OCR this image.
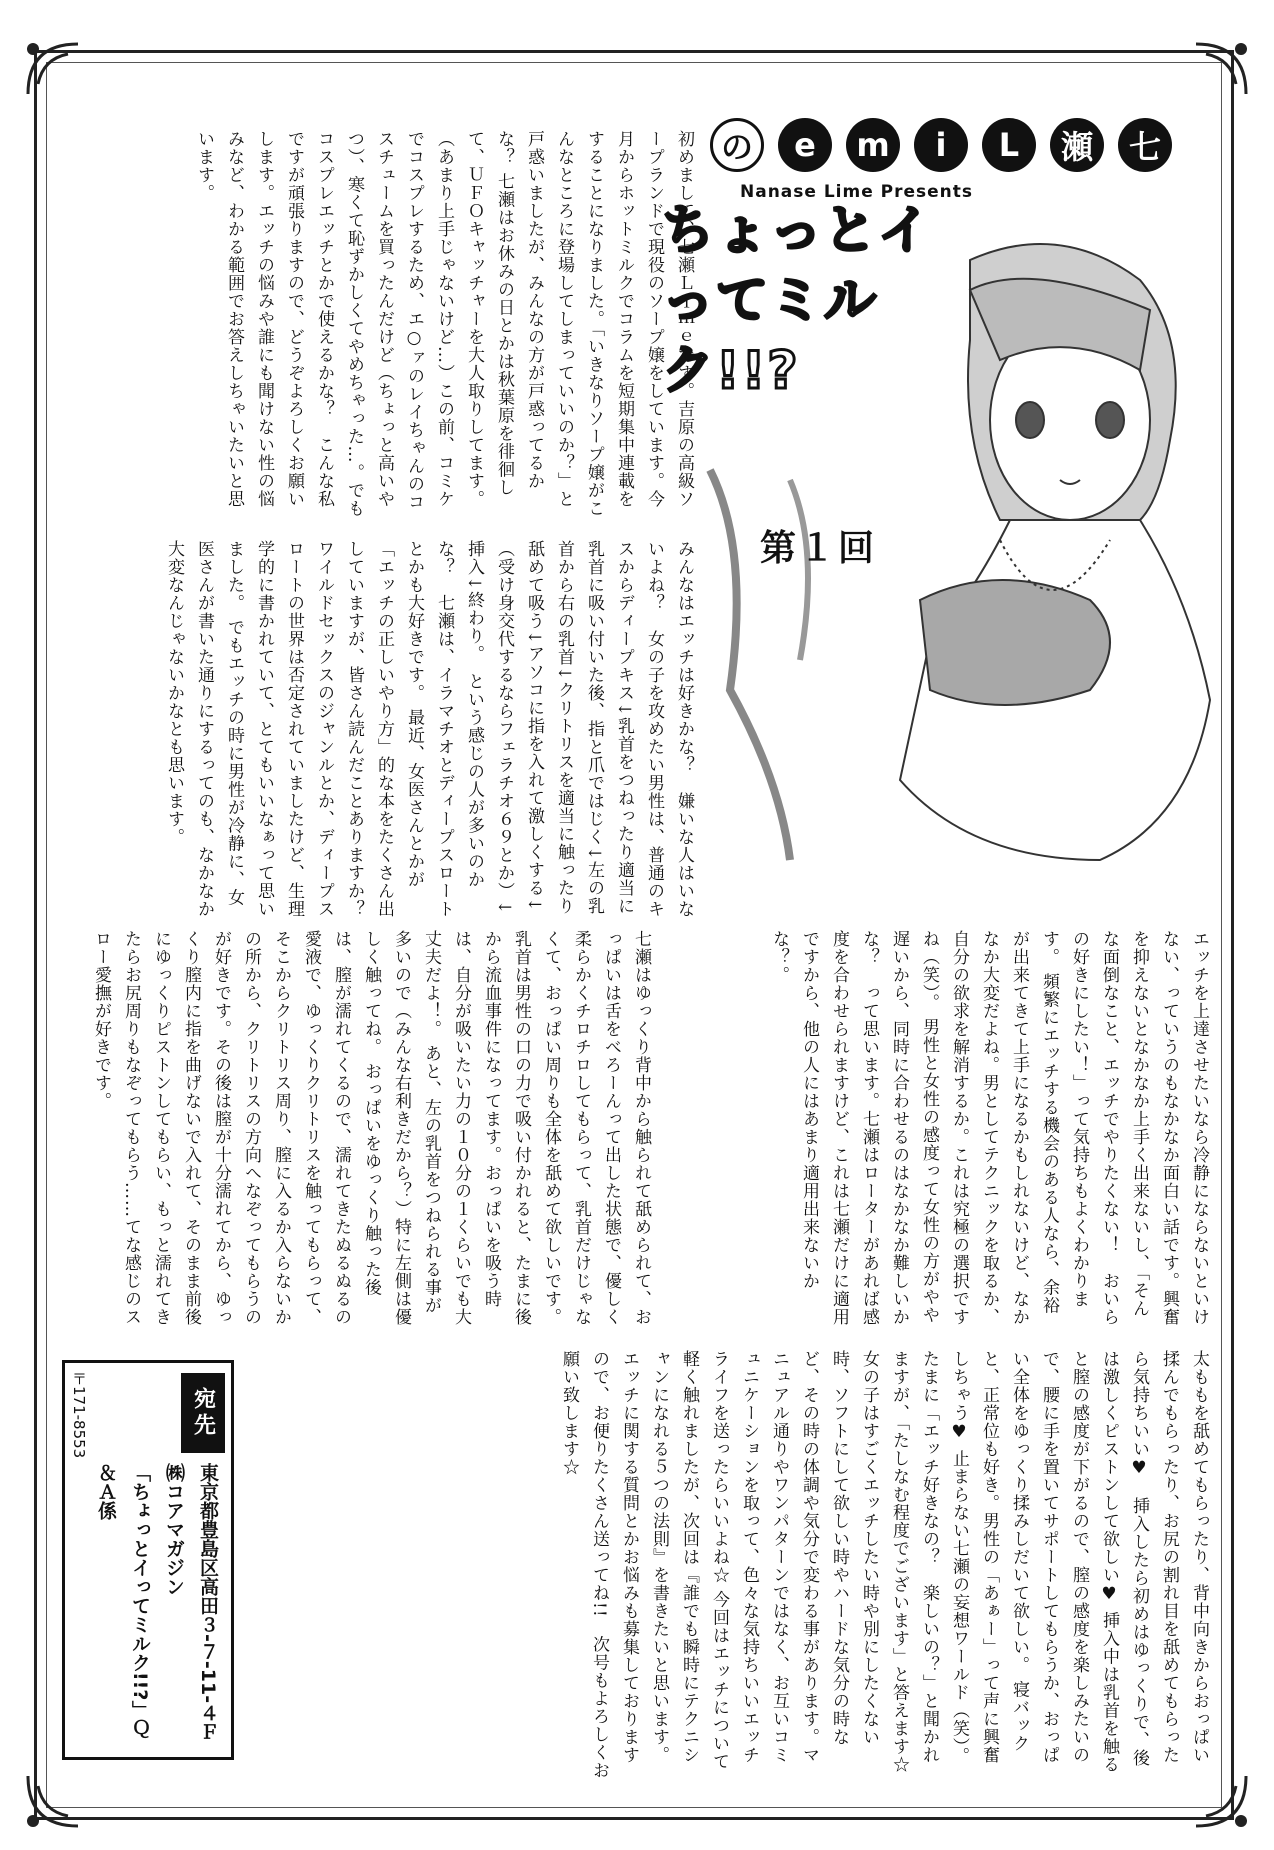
七
瀬
L
i
m
e
の
Nanase Lime Presents
ちょっとイってミルク!!?
第１回
初めまして、七瀬Ｌｉｍｅです。吉原の高級ソープランドで現役のソープ嬢をしています。今月からホットミルクでコラムを短期集中連載をすることになりました。「いきなりソープ嬢がこんなところに登場してしまっていいのか？」と戸惑いましたが、みんなの方が戸惑ってるかな？ 七瀬はお休みの日とかは秋葉原を徘徊して、ＵＦＯキャッチャーを大人取りしてます。（あまり上手じゃないけど…）この前、コミケでコスプレするため、エ○ァのレイちゃんのコスチュームを買ったんだけど（ちょっと高いやつ）、寒くて恥ずかしくてやめちゃった…。でもコスプレエッチとかで使えるかな？　こんな私ですが頑張りますので、どうぞよろしくお願いします。エッチの悩みや誰にも聞けない性の悩みなど、わかる範囲でお答えしちゃいたいと思います。
みんなはエッチは好きかな？　嫌いな人はいないよね？　女の子を攻めたい男性は、普通のキスからディープキス↓乳首をつねったり適当に乳首に吸い付いた後、指と爪ではじく↓左の乳首から右の乳首↓クリトリスを適当に触ったり舐めて吸う↓アソコに指を入れて激しくする↓（受け身交代するならフェラチオ６９とか）↓挿入↓終わり。　という感じの人が多いのかな？　七瀬は、イラマチオとディープスロートとかも大好きです。 最近、女医さんとかが「エッチの正しいやり方」的な本をたくさん出していますが、皆さん読んだことありますか？　ワイルドセックスのジャンルとか、ディープスロートの世界は否定されていましたけど、生理学的に書かれていて、とてもいいなぁって思いました。 でもエッチの時に男性が冷静に、女医さんが書いた通りにするってのも、なかなか大変なんじゃないかなとも思います。
エッチを上達させたいなら冷静にならないといけない、っていうのもなかなか面白い話です。興奮を抑えないとなかなか上手く出来ないし、「そんな面倒なこと、エッチでやりたくない！　おいらの好きにしたい！」って気持ちもよくわかります。 頻繁にエッチする機会のある人なら、余裕が出来てきて上手になるかもしれないけど、なかなか大変だよね。男としてテクニックを取るか、自分の欲求を解消するか。これは究極の選択ですね（笑）。 男性と女性の感度って女性の方がやや遅いから、同時に合わせるのはなかなか難しいかな？　って思います。七瀬はローターがあれば感度を合わせられますけど、これは七瀬だけに適用ですから、他の人にはあまり適用出来ないかな？。
七瀬はゆっくり背中から触られて舐められて、おっぱいは舌をべろーんって出した状態で、優しく柔らかくチロチロしてもらって、乳首だけじゃなくて、おっぱい周りも全体を舐めて欲しいです。乳首は男性の口の力で吸い付かれると、たまに後から流血事件になってます。おっぱいを吸う時は、自分が吸いたい力の１０分の１くらいでも大丈夫だよ！。 あと、左の乳首をつねられる事が多いので（みんな右利きだから？）特に左側は優しく触ってね。 おっぱいをゆっくり触った後は、膣が濡れてくるので、濡れてきたぬるぬるの愛液で、ゆっくりクリトリスを触ってもらって、そこからクリトリス周り、膣に入るか入らないかの所から、クリトリスの方向へなぞってもらうのが好きです。その後は膣が十分濡れてから、ゆっくり膣内に指を曲げないで入れて、そのまま前後にゆっくりピストンしてもらい、もっと濡れてきたらお尻周りもなぞってもらう……てな感じのスロー愛撫が好きです。
太ももを舐めてもらったり、背中向きからおっぱい揉んでもらったり、お尻の割れ目を舐めてもらったら気持ちいい♥　挿入したら初めはゆっくりで、後は激しくピストンして欲しい♥ 挿入中は乳首を触ると膣の感度が下がるので、膣の感度を楽しみたいので、腰に手を置いてサポートしてもらうか、おっぱい全体をゆっくり揉みしだいて欲しい。 寝バックと、正常位も好き。男性の「あぁー」って声に興奮しちゃう♥ 止まらない七瀬の妄想ワールド（笑）。たまに「エッチ好きなの？　楽しいの？」と聞かれますが、「たしなむ程度でございます」と答えます☆ 女の子はすごくエッチしたい時や別にしたくない時、ソフトにして欲しい時やハードな気分の時など、その時の体調や気分で変わる事があります。マニュアル通りやワンパターンではなく、お互いコミュニケーションを取って、色々な気持ちいいエッチライフを送ったらいいよね☆ 今回はエッチについて軽く触れましたが、次回は『誰でも瞬時にテクニシャンになれる５つの法則』を書きたいと思います。エッチに関する質問とかお悩みも募集しておりますので、お便りたくさん送ってね!!　次号もよろしくお願い致します☆
宛先
〒171-8553
東京都豊島区高田３-７-11-４Ｆ
㈱コアマガジン
「ちょっとイってミルク!!?」Ｑ＆Ａ係
